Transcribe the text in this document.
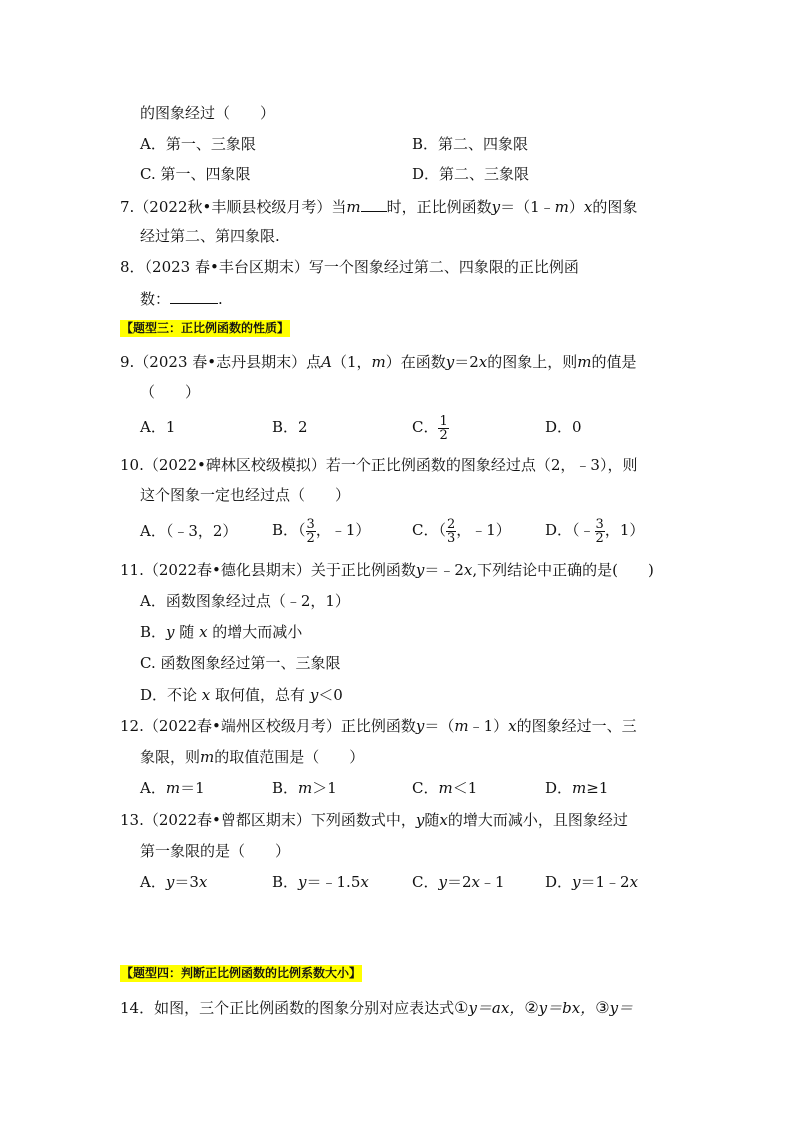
的图象经过（　　）
A．第一、三象限	B．第二、四象限
C. 第一、四象限	D．第二、三象限
7.（2022秋•丰顺县校级月考）当m 时，正比例函数y＝（1﹣m）x的图象
经过第二、第四象限.
8．（2023 春•丰台区期末）写一个图象经过第二、四象限的正比例函
数：	.
【题型三：正比例函数的性质】
9.（2023 春•志丹县期末）点A（1，m）在函数y＝2x的图象上，则m的值是
（　　）
A．1	B．2	C． $\frac{1}{2}$	D．0
10.（2022•碑林区校级模拟）若一个正比例函数的图象经过点（2，﹣3），则
这个图象一定也经过点（　　）
A．（﹣3，2） B．（ $\frac{3}{2}$ ，﹣1）	C．（ $\frac{2}{3}$ ，﹣1） D．（﹣ $\frac{3}{2}$ ，1）
11.（2022春•德化县期末）关于正比例函数y＝﹣2x,下列结论中正确的是(　　)
A．函数图象经过点（﹣2，1）
B．y 随 x 的增大而减小
C. 函数图象经过第一、三象限
D．不论 x 取何值，总有 y＜0
12.（2022春•端州区校级月考）正比例函数y＝（m﹣1）x的图象经过一、三
象限，则m的取值范围是（　　）
A．m＝1	B．m＞1	C．m＜1	D．m≥1
13.（2022春•曾都区期末）下列函数式中，y随x的增大而减小，且图象经过
第一象限的是（　　）
A．y＝3x	B．y＝﹣1.5x	C．y＝2x﹣1	D．y＝1﹣2x
【题型四：判断正比例函数的比例系数大小】
14．如图，三个正比例函数的图象分别对应表达式①y＝ax，②y＝bx，③y＝
